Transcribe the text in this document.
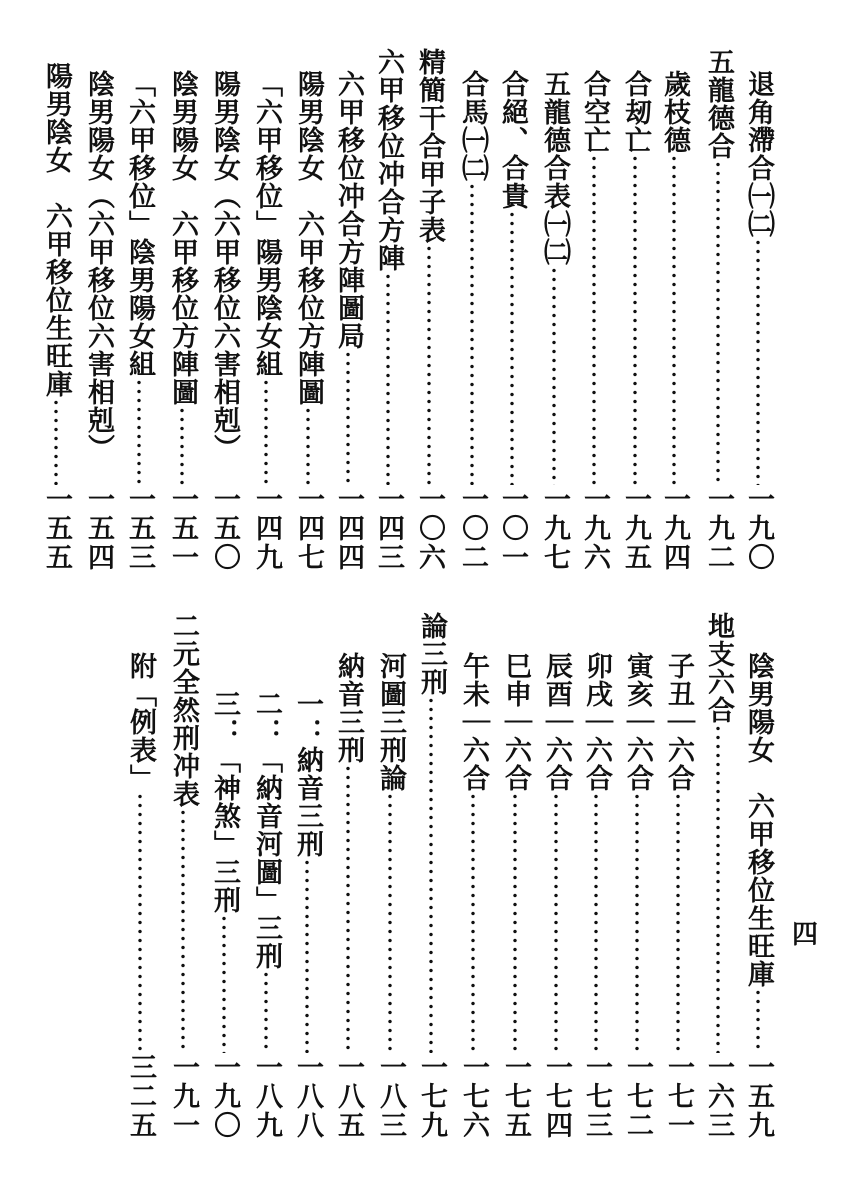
退角滯合㈠㈡
一九〇
五龍德合
一九二
歲枝德
一九四
合刼亡
一九五
合空亡
一九六
五龍德合表㈠㈡
一九七
合絕、合貴
一〇一
合馬㈠㈡
一〇二
精簡干合甲子表
一〇六
六甲移位冲合方陣
一四三
六甲移位冲合方陣圖局
一四四
陽男陰女　六甲移位方陣圖
一四七
「六甲移位」陽男陰女組
一四九
陽男陰女（六甲移位六害相剋）
一五〇
陰男陽女　六甲移位方陣圖
一五一
「六甲移位」陰男陽女組
一五三
陰男陽女（六甲移位六害相剋）
一五四
陽男陰女　六甲移位生旺庫
一五五
陰男陽女　六甲移位生旺庫
一五九
地支六合
一六三
子丑｜六合
一七一
寅亥｜六合
一七二
卯戌｜六合
一七三
辰酉｜六合
一七四
巳申｜六合
一七五
午未｜六合
一七六
論三刑
一七九
河圖三刑論
一八三
納音三刑
一八五
一：納音三刑
一八八
二：「納音河圖」三刑
一八九
三：「神煞」三刑
一九〇
二元全然刑冲表
一九一
附「例表」
三二五
四
